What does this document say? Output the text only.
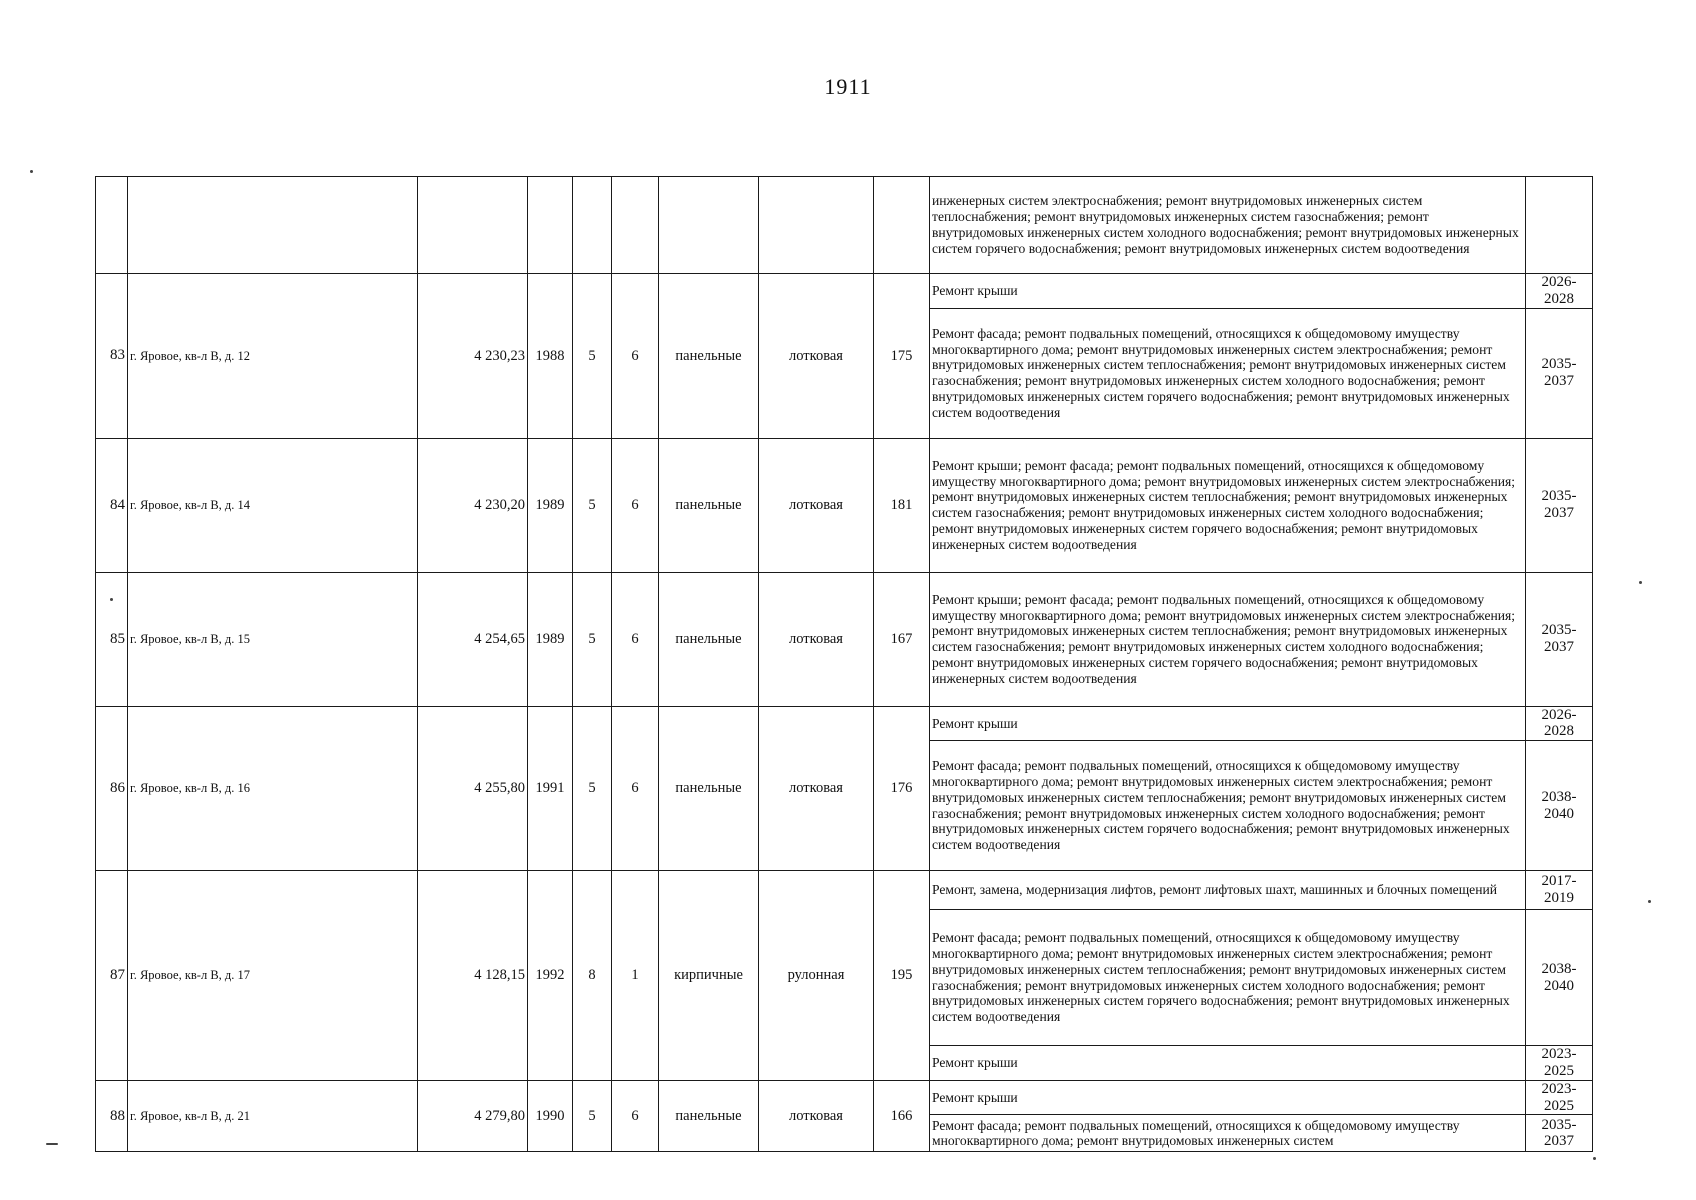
1911
									инженерных систем электроснабжения; ремонт внутридомовых инженерных систем теплоснабжения; ремонт внутридомовых инженерных систем газоснабжения; ремонт внутридомовых инженерных систем холодного водоснабжения; ремонт внутридомовых инженерных систем горячего водоснабжения; ремонт внутридомовых инженерных систем водоотведения	
83	г. Яровое, кв-л В, д. 12	4 230,23	1988	5	6	панельные	лотковая	175	Ремонт крыши	2026-2028
									Ремонт фасада; ремонт подвальных помещений, относящихся к общедомовому имуществу многоквартирного дома; ремонт внутридомовых инженерных систем электроснабжения; ремонт внутридомовых инженерных систем теплоснабжения; ремонт внутридомовых инженерных систем газоснабжения; ремонт внутридомовых инженерных систем холодного водоснабжения; ремонт внутридомовых инженерных систем горячего водоснабжения; ремонт внутридомовых инженерных систем водоотведения	2035-2037
84	г. Яровое, кв-л В, д. 14	4 230,20	1989	5	6	панельные	лотковая	181	Ремонт крыши; ремонт фасада; ремонт подвальных помещений, относящихся к общедомовому имуществу многоквартирного дома; ремонт внутридомовых инженерных систем электроснабжения; ремонт внутридомовых инженерных систем теплоснабжения; ремонт внутридомовых инженерных систем газоснабжения; ремонт внутридомовых инженерных систем холодного водоснабжения; ремонт внутридомовых инженерных систем горячего водоснабжения; ремонт внутридомовых инженерных систем водоотведения	2035-2037
85	г. Яровое, кв-л В, д. 15	4 254,65	1989	5	6	панельные	лотковая	167	Ремонт крыши; ремонт фасада; ремонт подвальных помещений, относящихся к общедомовому имуществу многоквартирного дома; ремонт внутридомовых инженерных систем электроснабжения; ремонт внутридомовых инженерных систем теплоснабжения; ремонт внутридомовых инженерных систем газоснабжения; ремонт внутридомовых инженерных систем холодного водоснабжения; ремонт внутридомовых инженерных систем горячего водоснабжения; ремонт внутридомовых инженерных систем водоотведения	2035-2037
86	г. Яровое, кв-л В, д. 16	4 255,80	1991	5	6	панельные	лотковая	176	Ремонт крыши	2026-2028
									Ремонт фасада; ремонт подвальных помещений, относящихся к общедомовому имуществу многоквартирного дома; ремонт внутридомовых инженерных систем электроснабжения; ремонт внутридомовых инженерных систем теплоснабжения; ремонт внутридомовых инженерных систем газоснабжения; ремонт внутридомовых инженерных систем холодного водоснабжения; ремонт внутридомовых инженерных систем горячего водоснабжения; ремонт внутридомовых инженерных систем водоотведения	2038-2040
87	г. Яровое, кв-л В, д. 17	4 128,15	1992	8	1	кирпичные	рулонная	195	Ремонт, замена, модернизация лифтов, ремонт лифтовых шахт, машинных и блочных помещений	2017-2019
									Ремонт фасада; ремонт подвальных помещений, относящихся к общедомовому имуществу многоквартирного дома; ремонт внутридомовых инженерных систем электроснабжения; ремонт внутридомовых инженерных систем теплоснабжения; ремонт внутридомовых инженерных систем газоснабжения; ремонт внутридомовых инженерных систем холодного водоснабжения; ремонт внутридомовых инженерных систем горячего водоснабжения; ремонт внутридомовых инженерных систем водоотведения	2038-2040
									Ремонт крыши	2023-2025
88	г. Яровое, кв-л В, д. 21	4 279,80	1990	5	6	панельные	лотковая	166	Ремонт крыши	2023-2025
									Ремонт фасада; ремонт подвальных помещений, относящихся к общедомовому имуществу многоквартирного дома; ремонт внутридомовых инженерных систем	2035-2037
